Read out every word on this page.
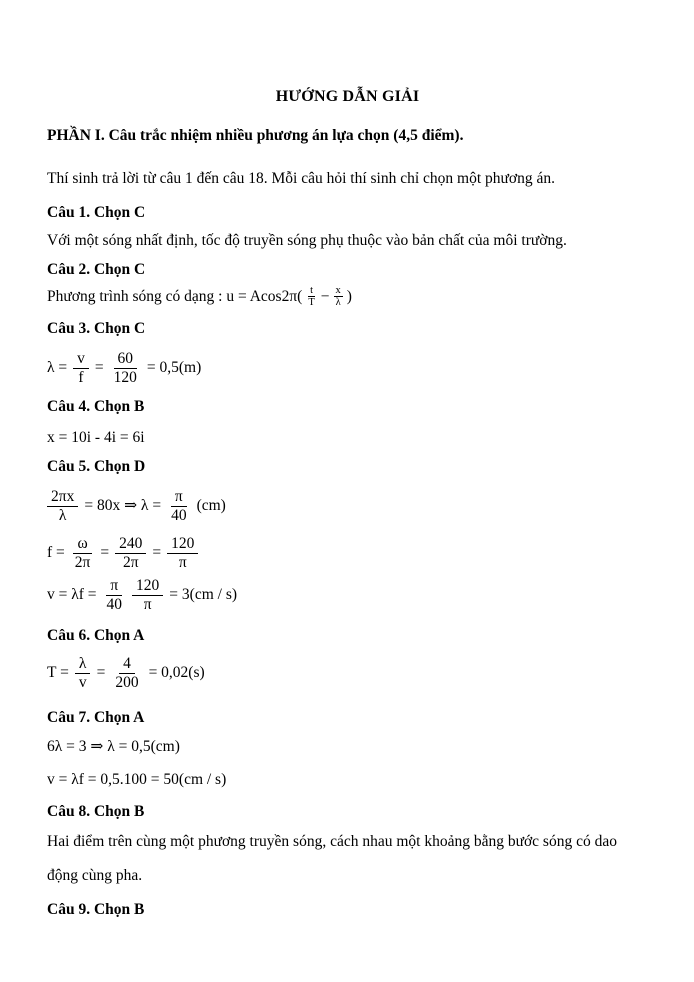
HƯỚNG DẪN GIẢI

PHẦN I. Câu trắc nhiệm nhiều phương án lựa chọn (4,5 điểm).

Thí sinh trả lời từ câu 1 đến câu 18. Mỗi câu hỏi thí sinh chỉ chọn một phương án.

Câu 1. Chọn C

Với một sóng nhất định, tốc độ truyền sóng phụ thuộc vào bản chất của môi trường.

Câu 2. Chọn C

Phương trình sóng có dạng : $u = Acos2\pi( \frac{t}{T} - \frac{x}{\lambda}$ )

Câu 3. Chọn C

$\lambda = \frac{v}{f} = \frac{60}{120} = 0,5(m)$

Câu 4. Chọn B

x = 10i - 4i = 6i

Câu 5. Chọn D

$\frac{2\pi x}{\lambda} = 80x$ ⇒ $\lambda = \frac{\pi}{40} (cm)$
$f = \frac{\omega}{2\pi} = \frac{240}{2\pi} = \frac{120}{\pi}$
$v = \lambda f = \frac{\pi}{40} \frac{120}{\pi} = 3(cm / s)$

Câu 6. Chọn A

$T = \frac{\lambda}{v} = \frac{4}{200} = 0,02(s)$

Câu 7. Chọn A

6λ = 3 ⇒ λ = 0,5(cm)

v = λf = 0,5.100 = 50(cm / s)

Câu 8. Chọn B

Hai điểm trên cùng một phương truyền sóng, cách nhau một khoảng bằng bước sóng có dao động cùng pha.

Câu 9. Chọn B
